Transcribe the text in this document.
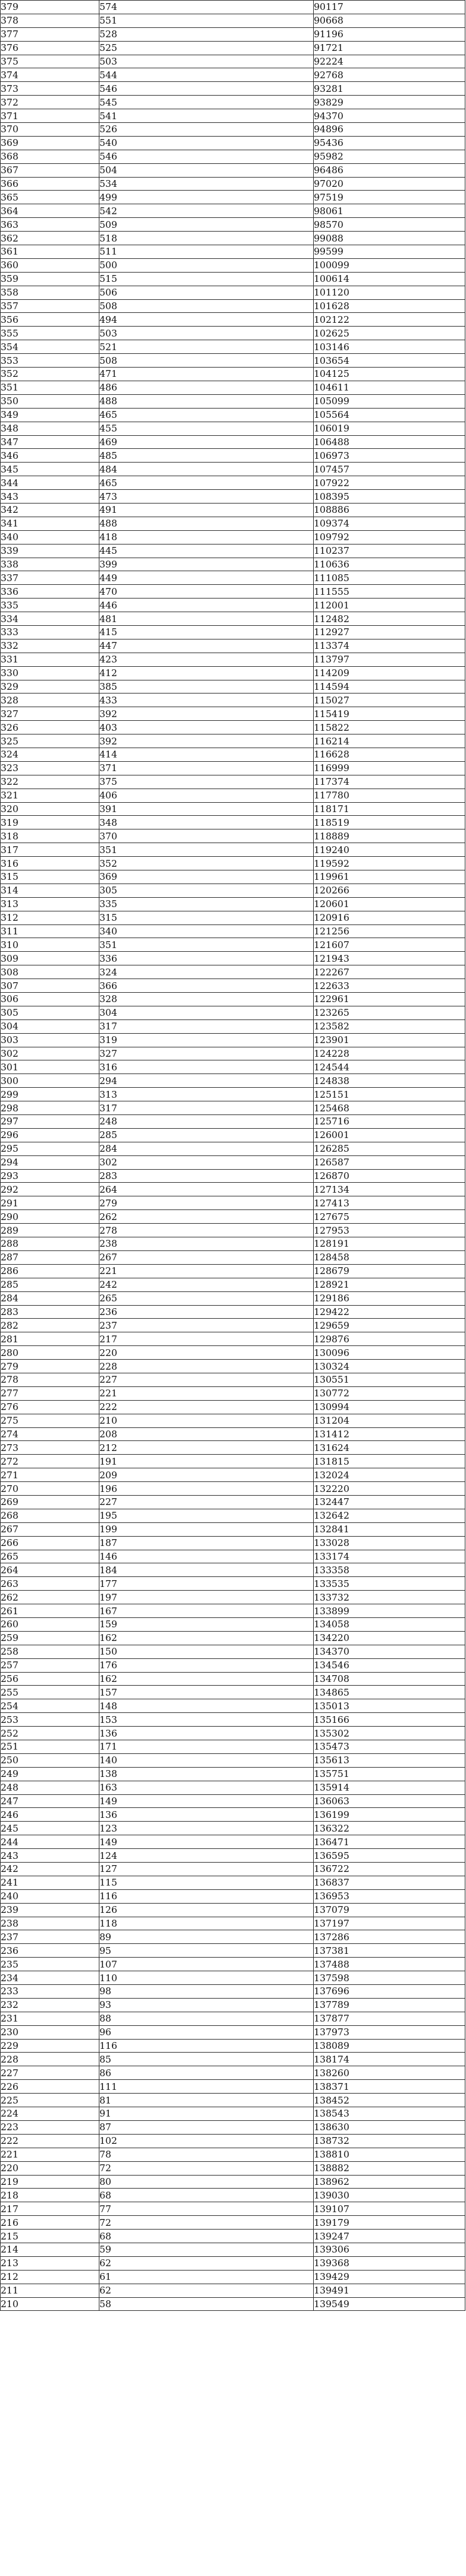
379	574	90117
378	551	90668
377	528	91196
376	525	91721
375	503	92224
374	544	92768
373	546	93281
372	545	93829
371	541	94370
370	526	94896
369	540	95436
368	546	95982
367	504	96486
366	534	97020
365	499	97519
364	542	98061
363	509	98570
362	518	99088
361	511	99599
360	500	100099
359	515	100614
358	506	101120
357	508	101628
356	494	102122
355	503	102625
354	521	103146
353	508	103654
352	471	104125
351	486	104611
350	488	105099
349	465	105564
348	455	106019
347	469	106488
346	485	106973
345	484	107457
344	465	107922
343	473	108395
342	491	108886
341	488	109374
340	418	109792
339	445	110237
338	399	110636
337	449	111085
336	470	111555
335	446	112001
334	481	112482
333	415	112927
332	447	113374
331	423	113797
330	412	114209
329	385	114594
328	433	115027
327	392	115419
326	403	115822
325	392	116214
324	414	116628
323	371	116999
322	375	117374
321	406	117780
320	391	118171
319	348	118519
318	370	118889
317	351	119240
316	352	119592
315	369	119961
314	305	120266
313	335	120601
312	315	120916
311	340	121256
310	351	121607
309	336	121943
308	324	122267
307	366	122633
306	328	122961
305	304	123265
304	317	123582
303	319	123901
302	327	124228
301	316	124544
300	294	124838
299	313	125151
298	317	125468
297	248	125716
296	285	126001
295	284	126285
294	302	126587
293	283	126870
292	264	127134
291	279	127413
290	262	127675
289	278	127953
288	238	128191
287	267	128458
286	221	128679
285	242	128921
284	265	129186
283	236	129422
282	237	129659
281	217	129876
280	220	130096
279	228	130324
278	227	130551
277	221	130772
276	222	130994
275	210	131204
274	208	131412
273	212	131624
272	191	131815
271	209	132024
270	196	132220
269	227	132447
268	195	132642
267	199	132841
266	187	133028
265	146	133174
264	184	133358
263	177	133535
262	197	133732
261	167	133899
260	159	134058
259	162	134220
258	150	134370
257	176	134546
256	162	134708
255	157	134865
254	148	135013
253	153	135166
252	136	135302
251	171	135473
250	140	135613
249	138	135751
248	163	135914
247	149	136063
246	136	136199
245	123	136322
244	149	136471
243	124	136595
242	127	136722
241	115	136837
240	116	136953
239	126	137079
238	118	137197
237	89	137286
236	95	137381
235	107	137488
234	110	137598
233	98	137696
232	93	137789
231	88	137877
230	96	137973
229	116	138089
228	85	138174
227	86	138260
226	111	138371
225	81	138452
224	91	138543
223	87	138630
222	102	138732
221	78	138810
220	72	138882
219	80	138962
218	68	139030
217	77	139107
216	72	139179
215	68	139247
214	59	139306
213	62	139368
212	61	139429
211	62	139491
210	58	139549
